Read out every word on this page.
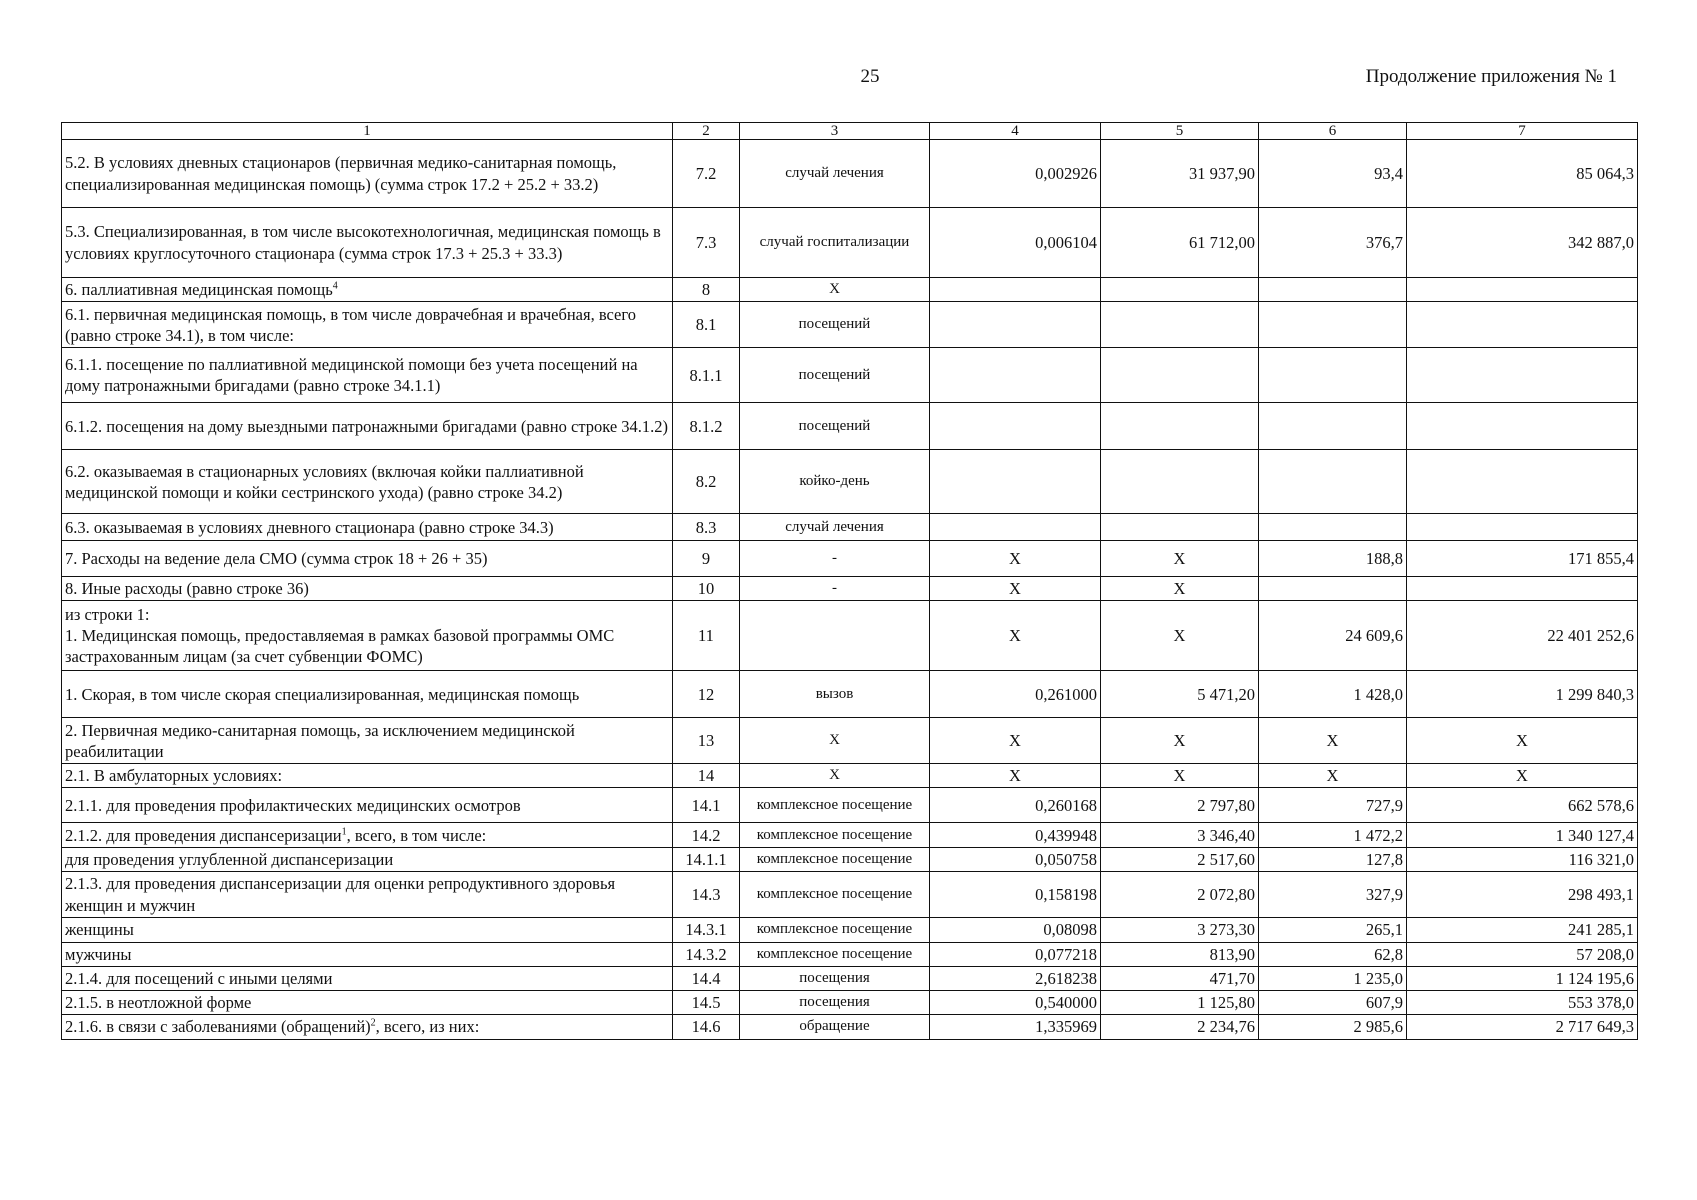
25	Продолжение приложения № 1
1	2	3	4	5	6	7
5.2. В условиях дневных стационаров (первичная медико-санитарная помощь, специализированная медицинская помощь) (сумма строк 17.2 + 25.2 + 33.2)	7.2	случай лечения	0,002926	31 937,90	93,4	85 064,3
5.3. Специализированная, в том числе высокотехнологичная, медицинская помощь в условиях круглосуточного стационара (сумма строк 17.3 + 25.3 + 33.3)	7.3	случай госпитализации	0,006104	61 712,00	376,7	342 887,0
6. паллиативная медицинская помощь$^4$	8	X				
6.1. первичная медицинская помощь, в том числе доврачебная и врачебная, всего (равно строке 34.1), в том числе:	8.1	посещений				
6.1.1. посещение по паллиативной медицинской помощи без учета посещений на дому патронажными бригадами (равно строке 34.1.1)	8.1.1	посещений				
6.1.2. посещения на дому выездными патронажными бригадами (равно строке 34.1.2)	8.1.2	посещений				
6.2. оказываемая в стационарных условиях (включая койки паллиативной медицинской помощи и койки сестринского ухода) (равно строке 34.2)	8.2	койко-день				
6.3. оказываемая в условиях дневного стационара (равно строке 34.3)	8.3	случай лечения				
7. Расходы на ведение дела СМО (сумма строк 18 + 26 + 35)	9	-	X	X	188,8	171 855,4
8. Иные расходы (равно строке 36)	10	-	X	X		
из строки 1:
1. Медицинская помощь, предоставляемая в рамках базовой программы ОМС застрахованным лицам (за счет субвенции ФОМС)	11		X	X	24 609,6	22 401 252,6
1. Скорая, в том числе скорая специализированная, медицинская помощь	12	вызов	0,261000	5 471,20	1 428,0	1 299 840,3
2. Первичная медико-санитарная помощь, за исключением медицинской реабилитации	13	X	X	X	X	X
2.1. В амбулаторных условиях:	14	X	X	X	X	X
2.1.1. для проведения профилактических медицинских осмотров	14.1	комплексное посещение	0,260168	2 797,80	727,9	662 578,6
2.1.2. для проведения диспансеризации$^1$, всего, в том числе:	14.2	комплексное посещение	0,439948	3 346,40	1 472,2	1 340 127,4
для проведения углубленной диспансеризации	14.1.1	комплексное посещение	0,050758	2 517,60	127,8	116 321,0
2.1.3. для проведения диспансеризации для оценки репродуктивного здоровья женщин и мужчин	14.3	комплексное посещение	0,158198	2 072,80	327,9	298 493,1
женщины	14.3.1	комплексное посещение	0,08098	3 273,30	265,1	241 285,1
мужчины	14.3.2	комплексное посещение	0,077218	813,90	62,8	57 208,0
2.1.4. для посещений с иными целями	14.4	посещения	2,618238	471,70	1 235,0	1 124 195,6
2.1.5. в неотложной форме	14.5	посещения	0,540000	1 125,80	607,9	553 378,0
2.1.6. в связи с заболеваниями (обращений)$^2$, всего, из них:	14.6	обращение	1,335969	2 234,76	2 985,6	2 717 649,3
